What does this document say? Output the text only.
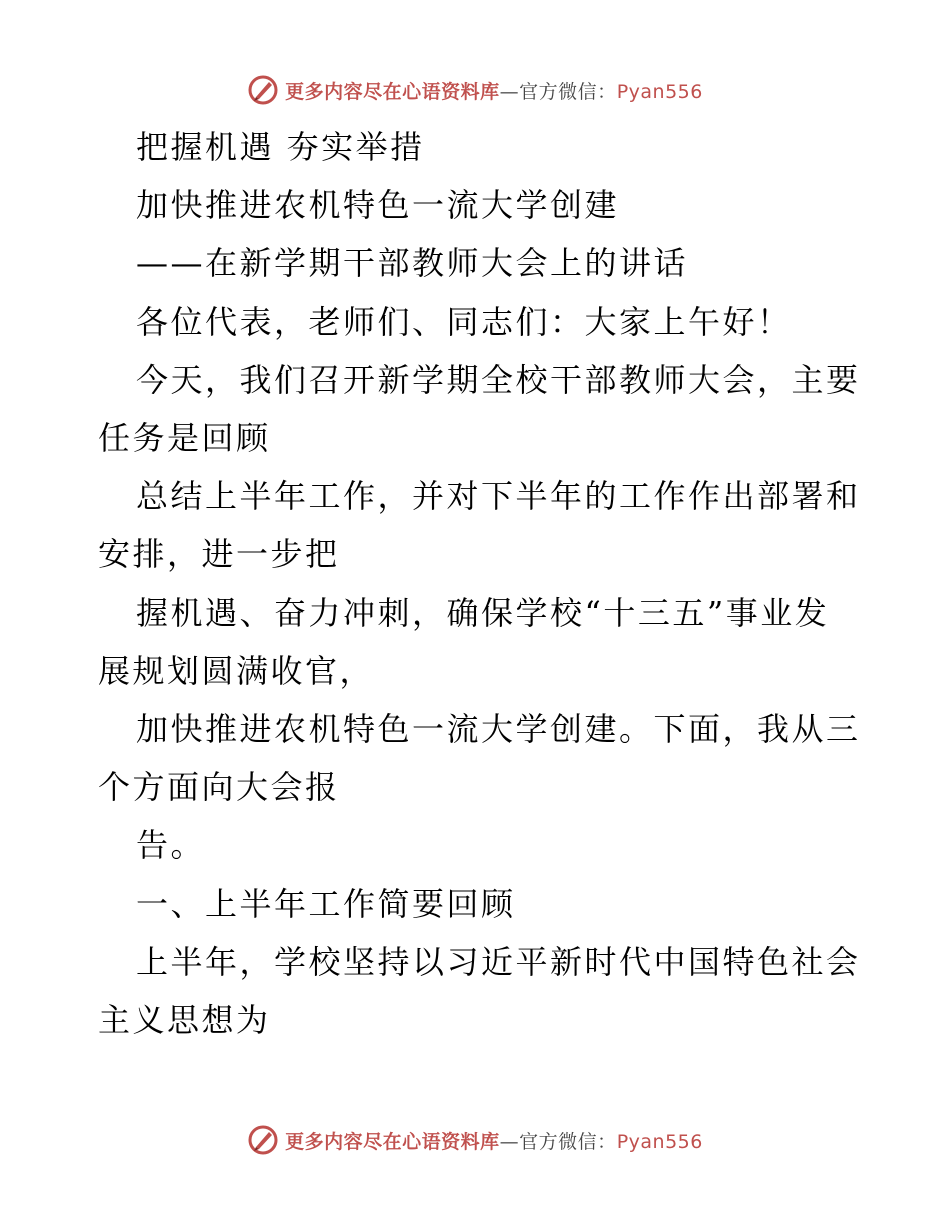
更多内容尽在心语资料库—官方微信：Pyan556

把握机遇 夯实举措

加快推进农机特色一流大学创建

——在新学期干部教师大会上的讲话

各位代表，老师们、同志们：大家上午好！

今天，我们召开新学期全校干部教师大会，主要

任务是回顾

总结上半年工作，并对下半年的工作作出部署和

安排，进一步把

握机遇、奋力冲刺，确保学校“十三五”事业发

展规划圆满收官，

加快推进农机特色一流大学创建。下面，我从三

个方面向大会报

告。

一、上半年工作简要回顾

上半年，学校坚持以习近平新时代中国特色社会

主义思想为

更多内容尽在心语资料库—官方微信：Pyan556
